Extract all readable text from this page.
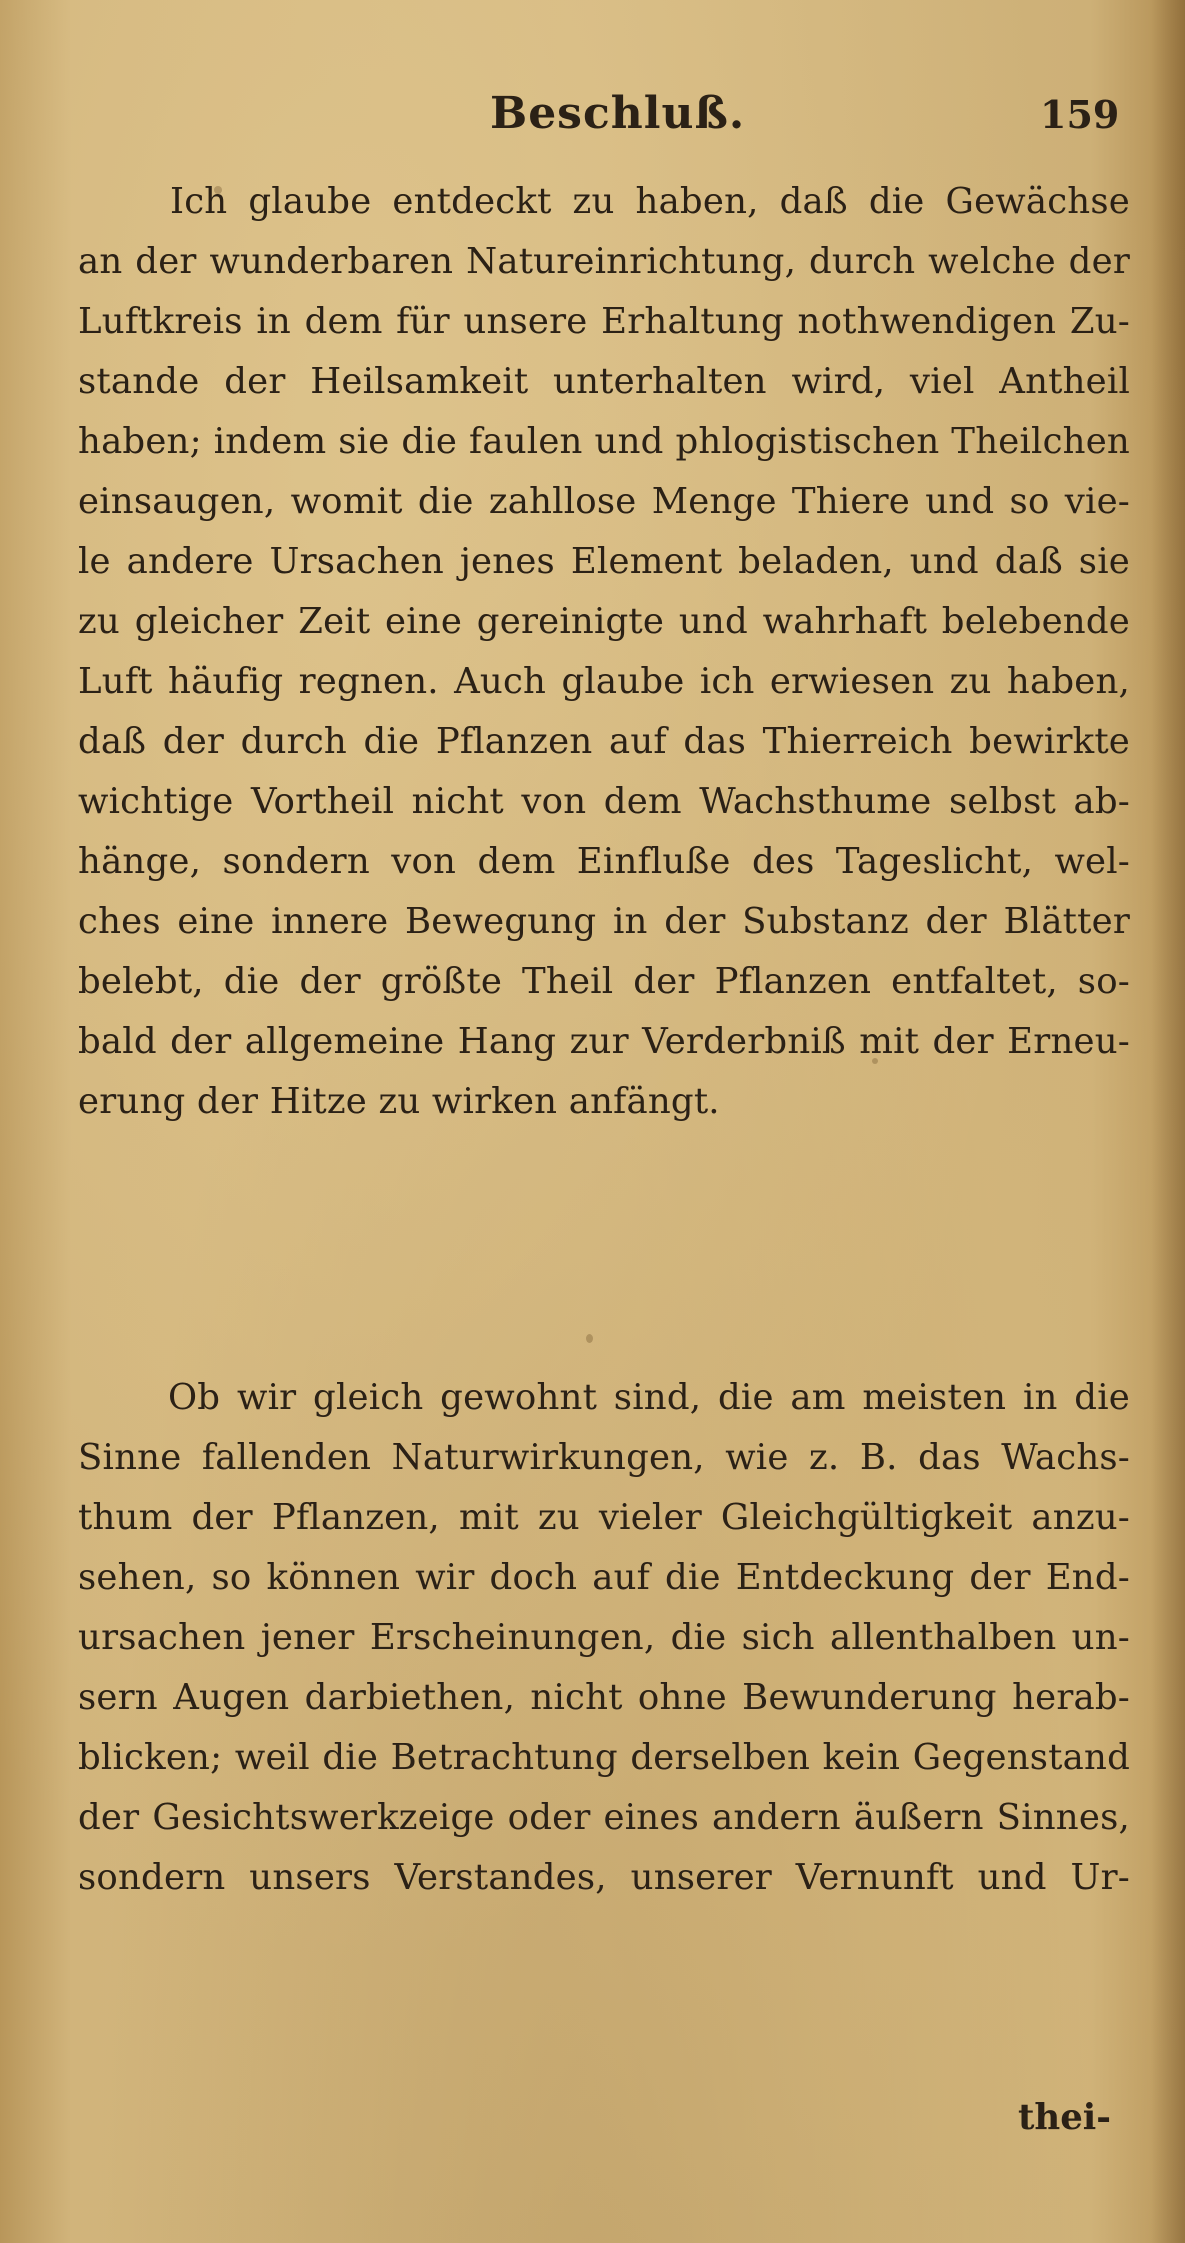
Beschluß.	159
Ich glaube entdeckt zu haben, daß die Gewächse
an der wunderbaren Natureinrichtung, durch welche der
Luftkreis in dem für unsere Erhaltung nothwendigen Zu-
stande der Heilsamkeit unterhalten wird, viel Antheil
haben; indem sie die faulen und phlogistischen Theilchen
einsaugen, womit die zahllose Menge Thiere und so vie-
le andere Ursachen jenes Element beladen, und daß sie
zu gleicher Zeit eine gereinigte und wahrhaft belebende
Luft häufig regnen. Auch glaube ich erwiesen zu haben,
daß der durch die Pflanzen auf das Thierreich bewirkte
wichtige Vortheil nicht von dem Wachsthume selbst ab-
hänge, sondern von dem Einfluße des Tageslicht, wel-
ches eine innere Bewegung in der Substanz der Blätter
belebt, die der größte Theil der Pflanzen entfaltet, so-
bald der allgemeine Hang zur Verderbniß mit der Erneu-
erung der Hitze zu wirken anfängt.
Ob wir gleich gewohnt sind, die am meisten in die
Sinne fallenden Naturwirkungen, wie z. B. das Wachs-
thum der Pflanzen, mit zu vieler Gleichgültigkeit anzu-
sehen, so können wir doch auf die Entdeckung der End-
ursachen jener Erscheinungen, die sich allenthalben un-
sern Augen darbiethen, nicht ohne Bewunderung herab-
blicken; weil die Betrachtung derselben kein Gegenstand
der Gesichtswerkzeige oder eines andern äußern Sinnes,
sondern unsers Verstandes, unserer Vernunft und Ur-
thei-
